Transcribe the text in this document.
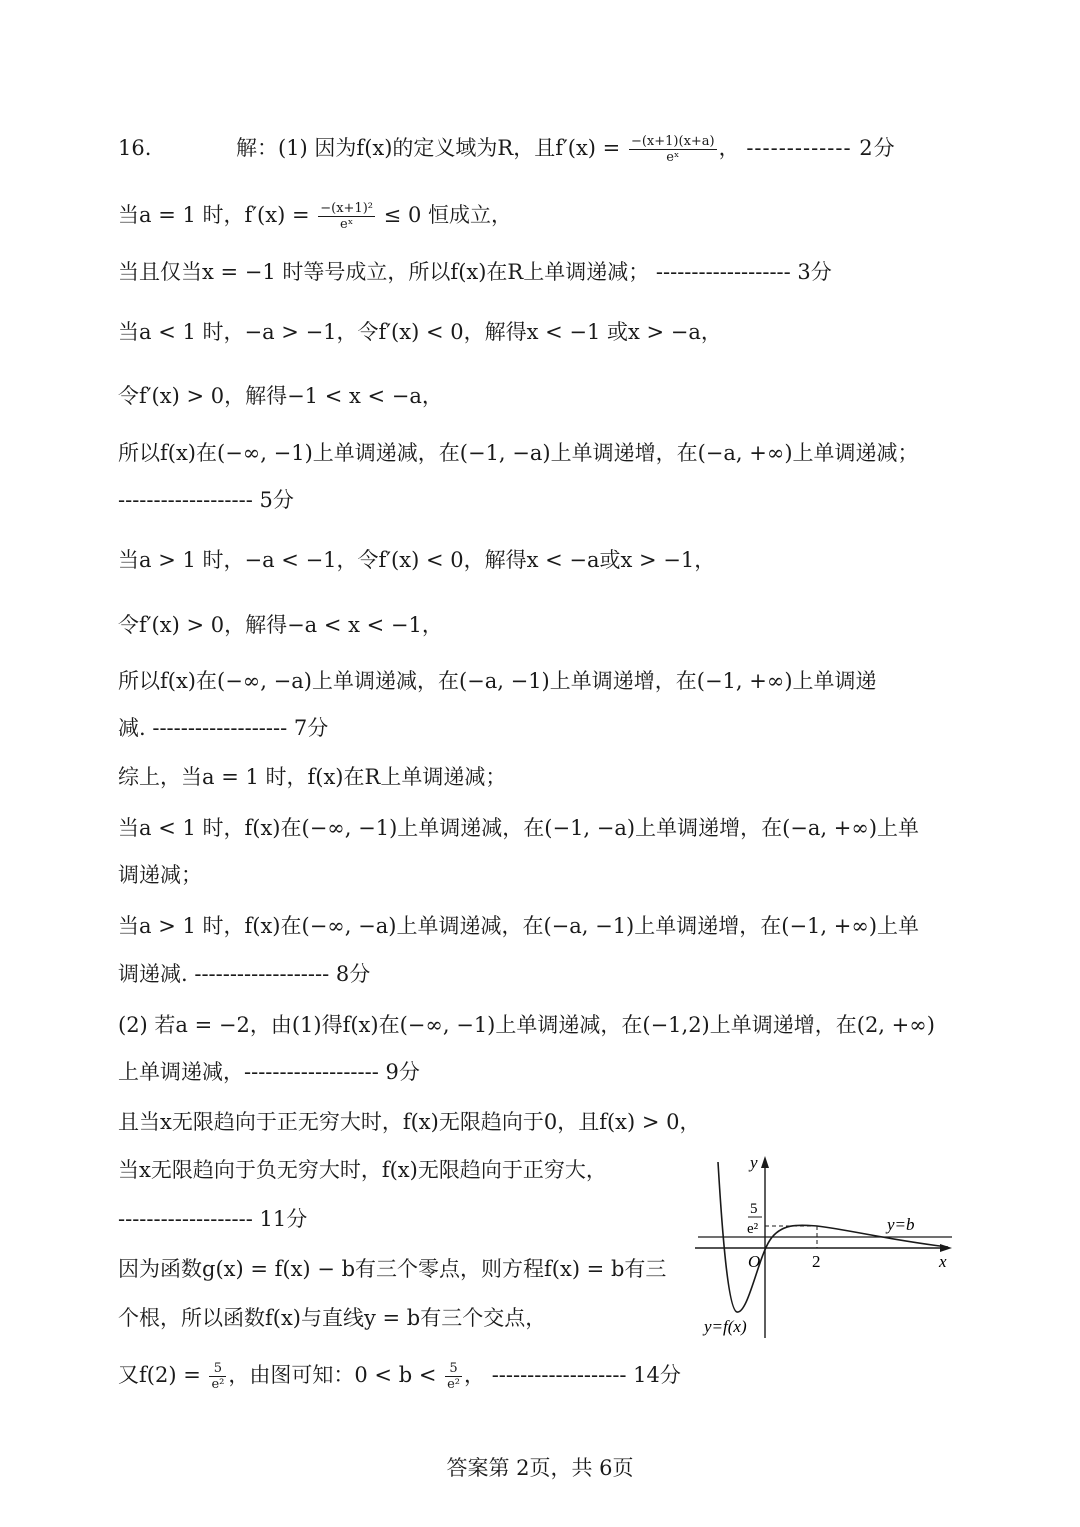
16.	解：(1) 因为f(x)的定义域为R，且$f'(x) = \frac{-(x+1)(x+a)}{\text{eˣ}}$ ， ------------- 2分
当a = 1 时，$f'(x) = \frac{\text{−(x+1)²}}{\text{eˣ}} \le 0$ 恒成立，
当且仅当x = −1 时等号成立，所以f(x)在R上单调递减； ------------------- 3分
当a < 1 时，−a > −1，令f′(x) < 0，解得x < −1 或x > −a，
令f′(x) > 0，解得−1 < x < −a，
所以f(x)在(−∞, −1)上单调递减，在(−1, −a)上单调递增，在(−a, +∞)上单调递减；
------------------- 5分
当a > 1 时，−a < −1，令f′(x) < 0，解得x < −a或x > −1，
令f′(x) > 0，解得−a < x < −1，
所以f(x)在(−∞, −a)上单调递减，在(−a, −1)上单调递增，在(−1, +∞)上单调递
减. ------------------- 7分
综上，当a = 1 时，f(x)在R上单调递减；
当a < 1 时，f(x)在(−∞, −1)上单调递减，在(−1, −a)上单调递增，在(−a, +∞)上单
调递减；
当a > 1 时，f(x)在(−∞, −a)上单调递减，在(−a, −1)上单调递增，在(−1, +∞)上单
调递减. ------------------- 8分
(2) 若a = −2，由(1)得f(x)在(−∞, −1)上单调递减，在(−1,2)上单调递增，在(2, +∞)
上单调递减，------------------- 9分
且当x无限趋向于正无穷大时，f(x)无限趋向于0，且f(x) > 0，
当x无限趋向于负无穷大时，f(x)无限趋向于正穷大，
------------------- 11分
因为函数g(x) = f(x) − b有三个零点，则方程f(x) = b有三
个根，所以函数f(x)与直线y = b有三个交点，
又$f(2) = \frac{5}{\text{e²}}$ ，由图可知：$0 < b < \frac{5}{\text{e²}}$ ， ------------------- 14分
y
x
O	2
5
e²	y=b
y=f(x)
答案第 2页，共 6页
